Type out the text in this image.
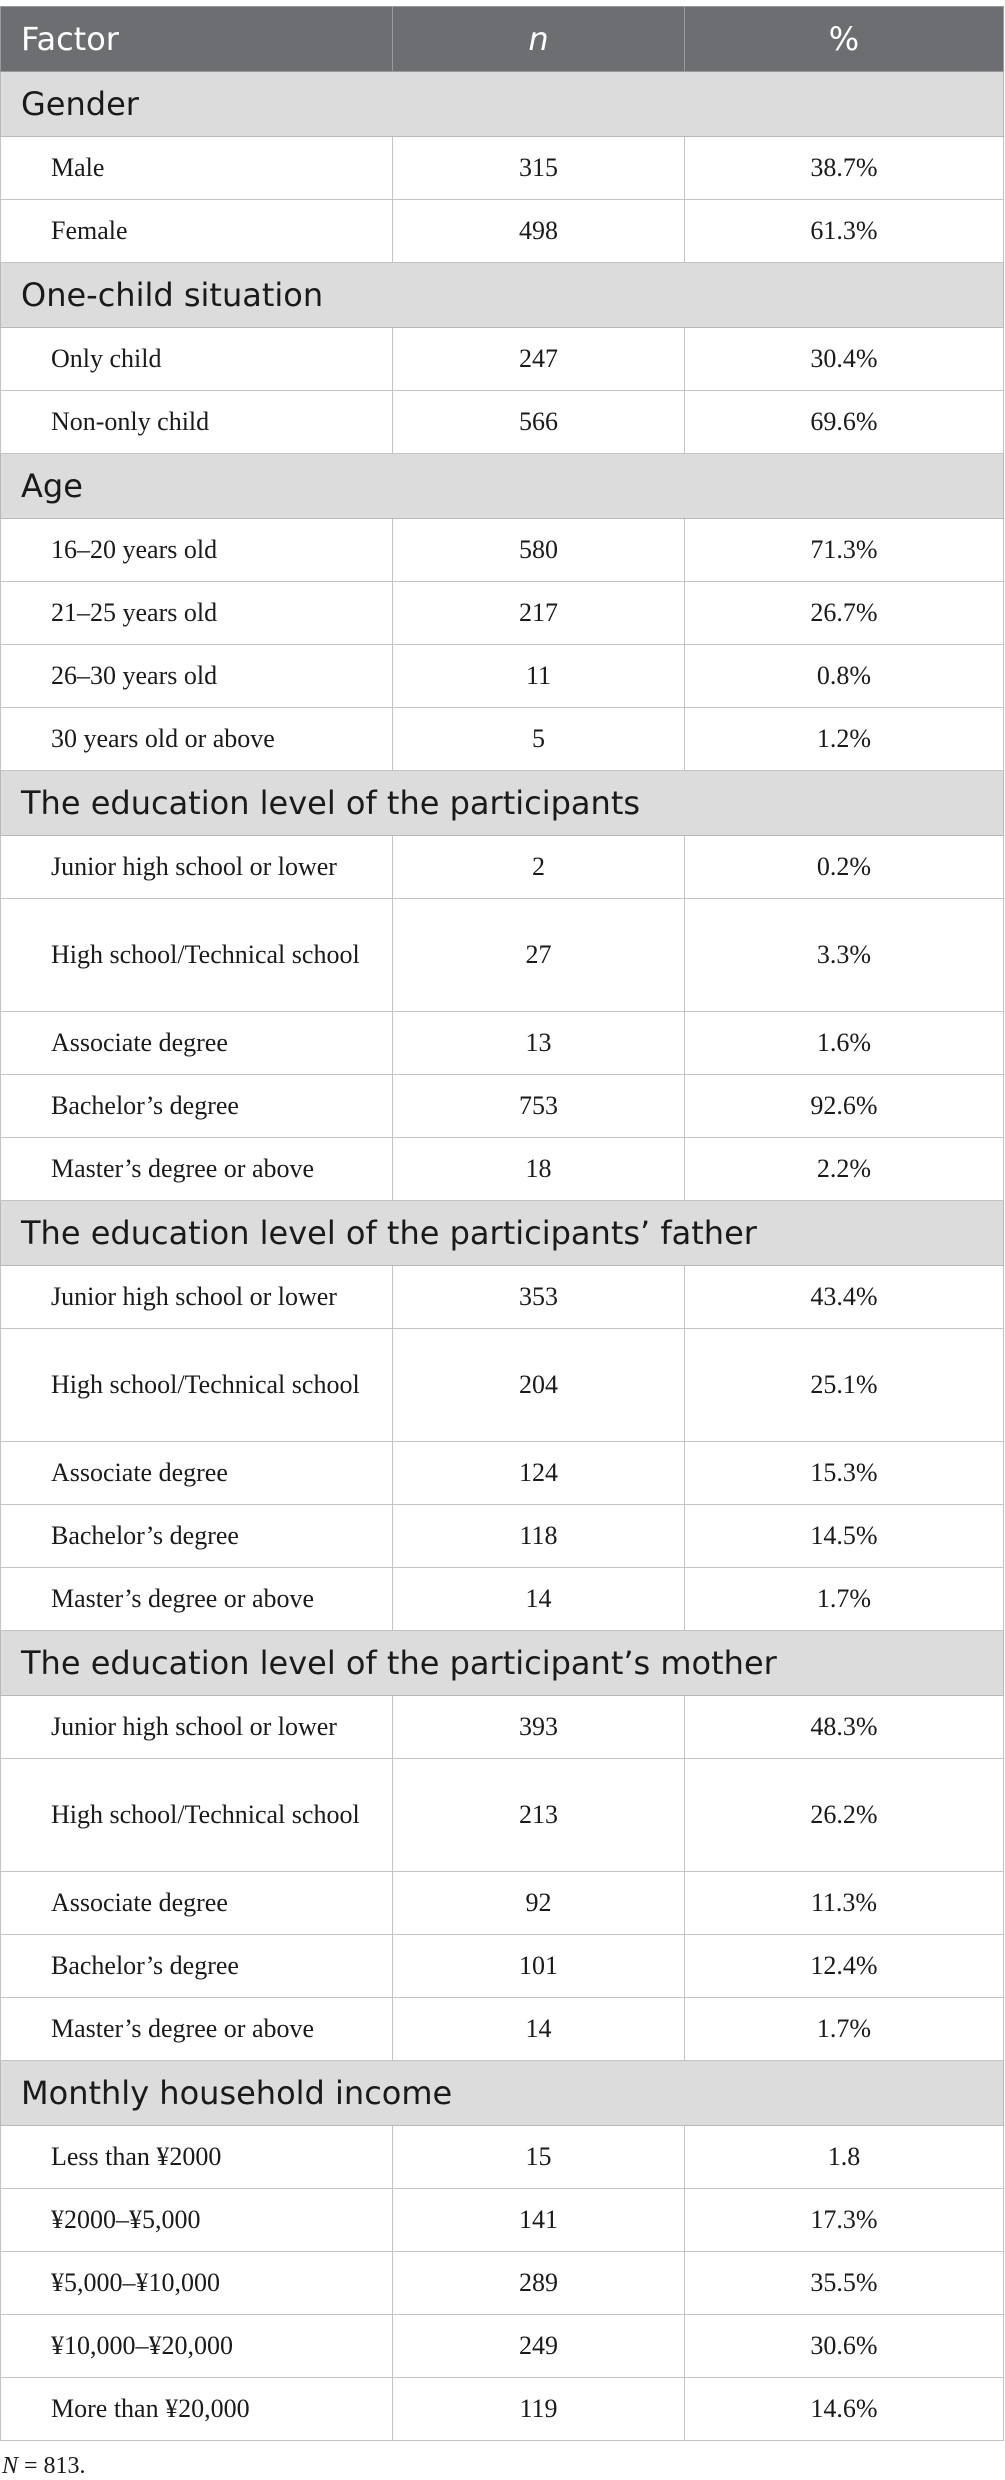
Factor	n	%
Gender		
Male	315	38.7%
Female	498	61.3%
One-child situation		
Only child	247	30.4%
Non-only child	566	69.6%
Age		
16–20 years old	580	71.3%
21–25 years old	217	26.7%
26–30 years old	11	0.8%
30 years old or above	5	1.2%
The education level of the participants		
Junior high school or lower	2	0.2%
High school/Technical school	27	3.3%
Associate degree	13	1.6%
Bachelor’s degree	753	92.6%
Master’s degree or above	18	2.2%
The education level of the participants’ father		
Junior high school or lower	353	43.4%
High school/Technical school	204	25.1%
Associate degree	124	15.3%
Bachelor’s degree	118	14.5%
Master’s degree or above	14	1.7%
The education level of the participant’s mother		
Junior high school or lower	393	48.3%
High school/Technical school	213	26.2%
Associate degree	92	11.3%
Bachelor’s degree	101	12.4%
Master’s degree or above	14	1.7%
Monthly household income		
Less than ¥2000	15	1.8
¥2000–¥5,000	141	17.3%
¥5,000–¥10,000	289	35.5%
¥10,000–¥20,000	249	30.6%
More than ¥20,000	119	14.6%
N = 813.
